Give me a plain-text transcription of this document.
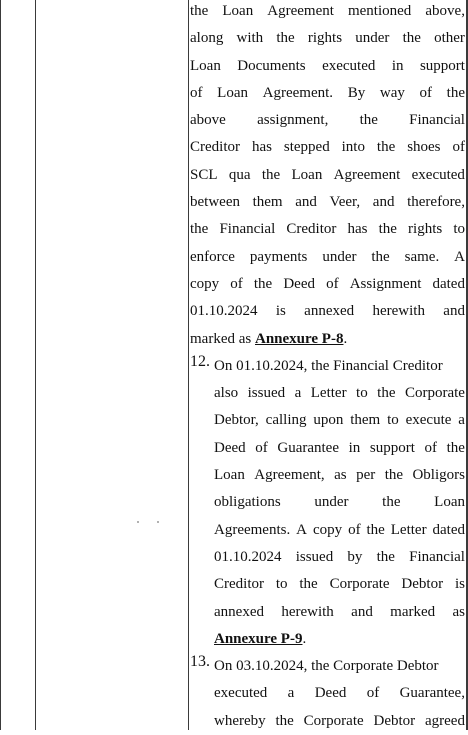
the Loan Agreement mentioned above,
along with the rights under the other
Loan Documents executed in support
of Loan Agreement. By way of the
above assignment, the Financial
Creditor has stepped into the shoes of
SCL qua the Loan Agreement executed
between them and Veer, and therefore,
the Financial Creditor has the rights to
enforce payments under the same. A
copy of the Deed of Assignment dated
01.10.2024 is annexed herewith and
marked as Annexure P-8 .
12. On 01.10.2024, the Financial Creditor
also issued a Letter to the Corporate
Debtor, calling upon them to execute a
Deed of Guarantee in support of the
Loan Agreement, as per the Obligors
obligations under the Loan
Agreements. A copy of the Letter dated
01.10.2024 issued by the Financial
Creditor to the Corporate Debtor is
annexed herewith and marked as
Annexure P-9 .
13. On 03.10.2024, the Corporate Debtor
executed a Deed of Guarantee,
whereby the Corporate Debtor agreed
